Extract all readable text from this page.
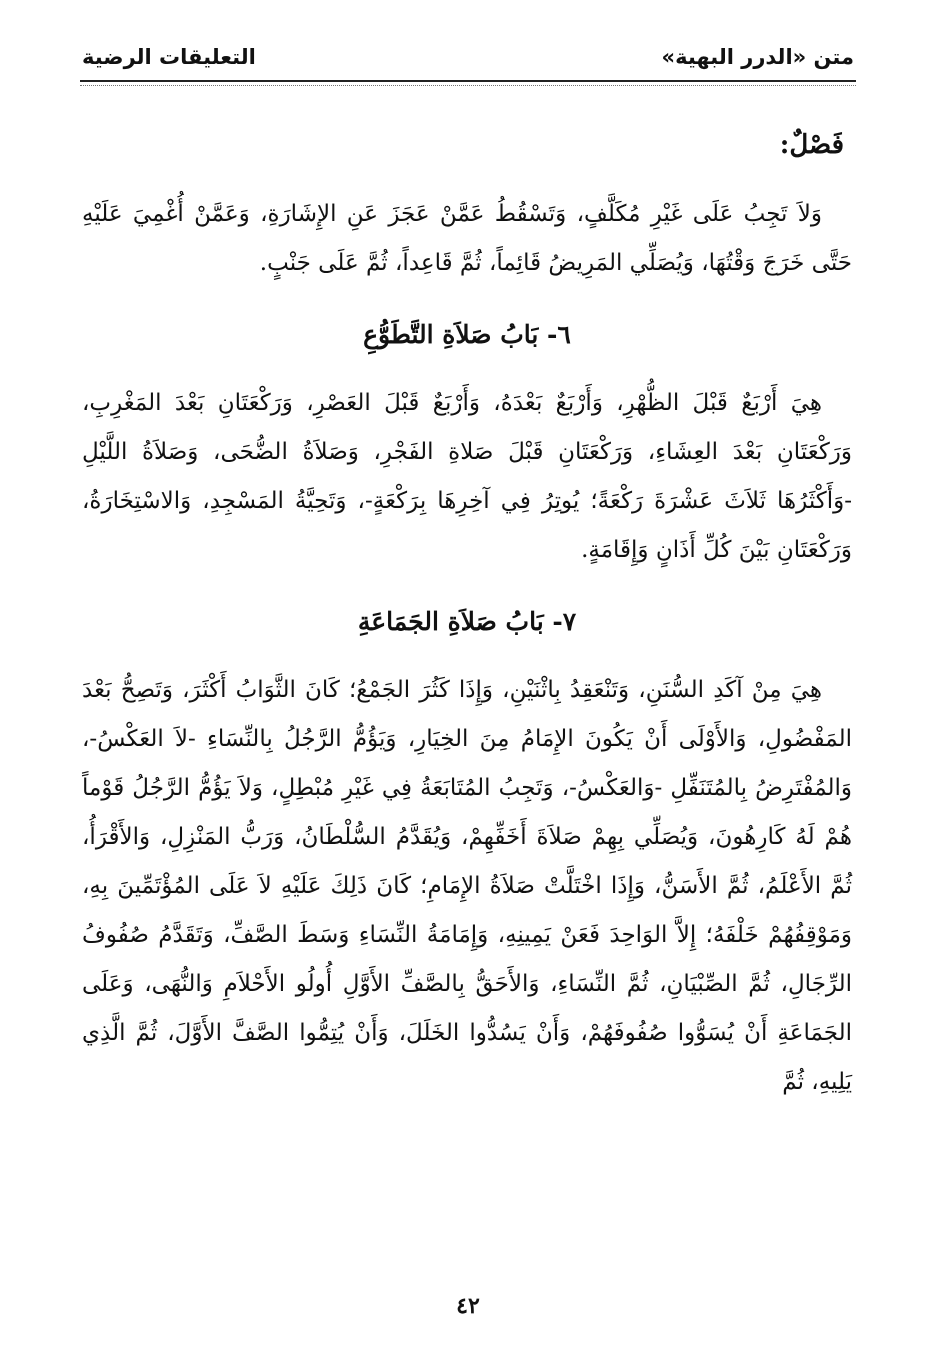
متن «الدرر البهية»
التعليقات الرضية
فَصْلٌ:

وَلاَ تَجِبُ عَلَى غَيْرِ مُكَلَّفٍ، وَتَسْقُطُ عَمَّنْ عَجَزَ عَنِ الإِشَارَةِ، وَعَمَّنْ أُغْمِيَ عَلَيْهِ حَتَّى خَرَجَ وَقْتُهَا، وَيُصَلِّي المَرِيضُ قَائِماً، ثُمَّ قَاعِداً، ثُمَّ عَلَى جَنْبٍ.

٦- بَابُ صَلاَةِ التَّطَوُّعِ

هِيَ أَرْبَعٌ قَبْلَ الظُّهْرِ، وَأَرْبَعٌ بَعْدَهُ، وَأَرْبَعٌ قَبْلَ العَصْرِ، وَرَكْعَتَانِ بَعْدَ المَغْرِبِ، وَرَكْعَتَانِ بَعْدَ العِشَاءِ، وَرَكْعَتَانِ قَبْلَ صَلاةِ الفَجْرِ، وَصَلاَةُ الضُّحَى، وَصَلاَةُ اللَّيْلِ -وَأَكْثَرُهَا ثَلاَثَ عَشْرَةَ رَكْعَةً؛ يُوتِرُ فِي آخِرِهَا بِرَكْعَةٍ-، وَتَحِيَّةُ المَسْجِدِ، وَالاسْتِخَارَةُ، وَرَكْعَتَانِ بَيْنَ كُلِّ أَذَانٍ وَإِقَامَةٍ.

٧- بَابُ صَلاَةِ الجَمَاعَةِ

هِيَ مِنْ آكَدِ السُّنَنِ، وَتَنْعَقِدُ بِاثْنَيْنِ، وَإِذَا كَثُرَ الجَمْعُ؛ كَانَ الثَّوَابُ أَكْثَرَ، وَتَصِحُّ بَعْدَ المَفْضُولِ، وَالأَوْلَى أَنْ يَكُونَ الإِمَامُ مِنَ الخِيَارِ، وَيَؤُمُّ الرَّجُلُ بِالنِّسَاءِ -لاَ العَكْسُ-، وَالمُفْتَرِضُ بِالمُتَنَفِّلِ -وَالعَكْسُ-، وَتَجِبُ المُتَابَعَةُ فِي غَيْرِ مُبْطِلٍ، وَلاَ يَؤُمُّ الرَّجُلُ قَوْماً هُمْ لَهُ كَارِهُونَ، وَيُصَلِّي بِهِمْ صَلاَةَ أَخَفِّهِمْ، وَيُقَدَّمُ السُّلْطَانُ، وَرَبُّ المَنْزِلِ، وَالأَقْرَأُ، ثُمَّ الأَعْلَمُ، ثُمَّ الأَسَنُّ، وَإِذَا اخْتَلَّتْ صَلاَةُ الإِمَامِ؛ كَانَ ذَلِكَ عَلَيْهِ لاَ عَلَى المُؤْتَمِّينَ بِهِ، وَمَوْقِفُهُمْ خَلْفَهُ؛ إِلاَّ الوَاحِدَ فَعَنْ يَمِينِهِ، وَإِمَامَةُ النِّسَاءِ وَسَطَ الصَّفِّ، وَتَقَدَّمُ صُفُوفُ الرِّجَالِ، ثُمَّ الصِّبْيَانِ، ثُمَّ النِّسَاءِ، وَالأَحَقُّ بِالصَّفِّ الأَوَّلِ أُولُو الأَحْلاَمِ وَالنُّهَى، وَعَلَى الجَمَاعَةِ أَنْ يُسَوُّوا صُفُوفَهُمْ، وَأَنْ يَسُدُّوا الخَلَلَ، وَأَنْ يُتِمُّوا الصَّفَّ الأَوَّلَ، ثُمَّ الَّذِي يَلِيهِ، ثُمَّ

٤٢
